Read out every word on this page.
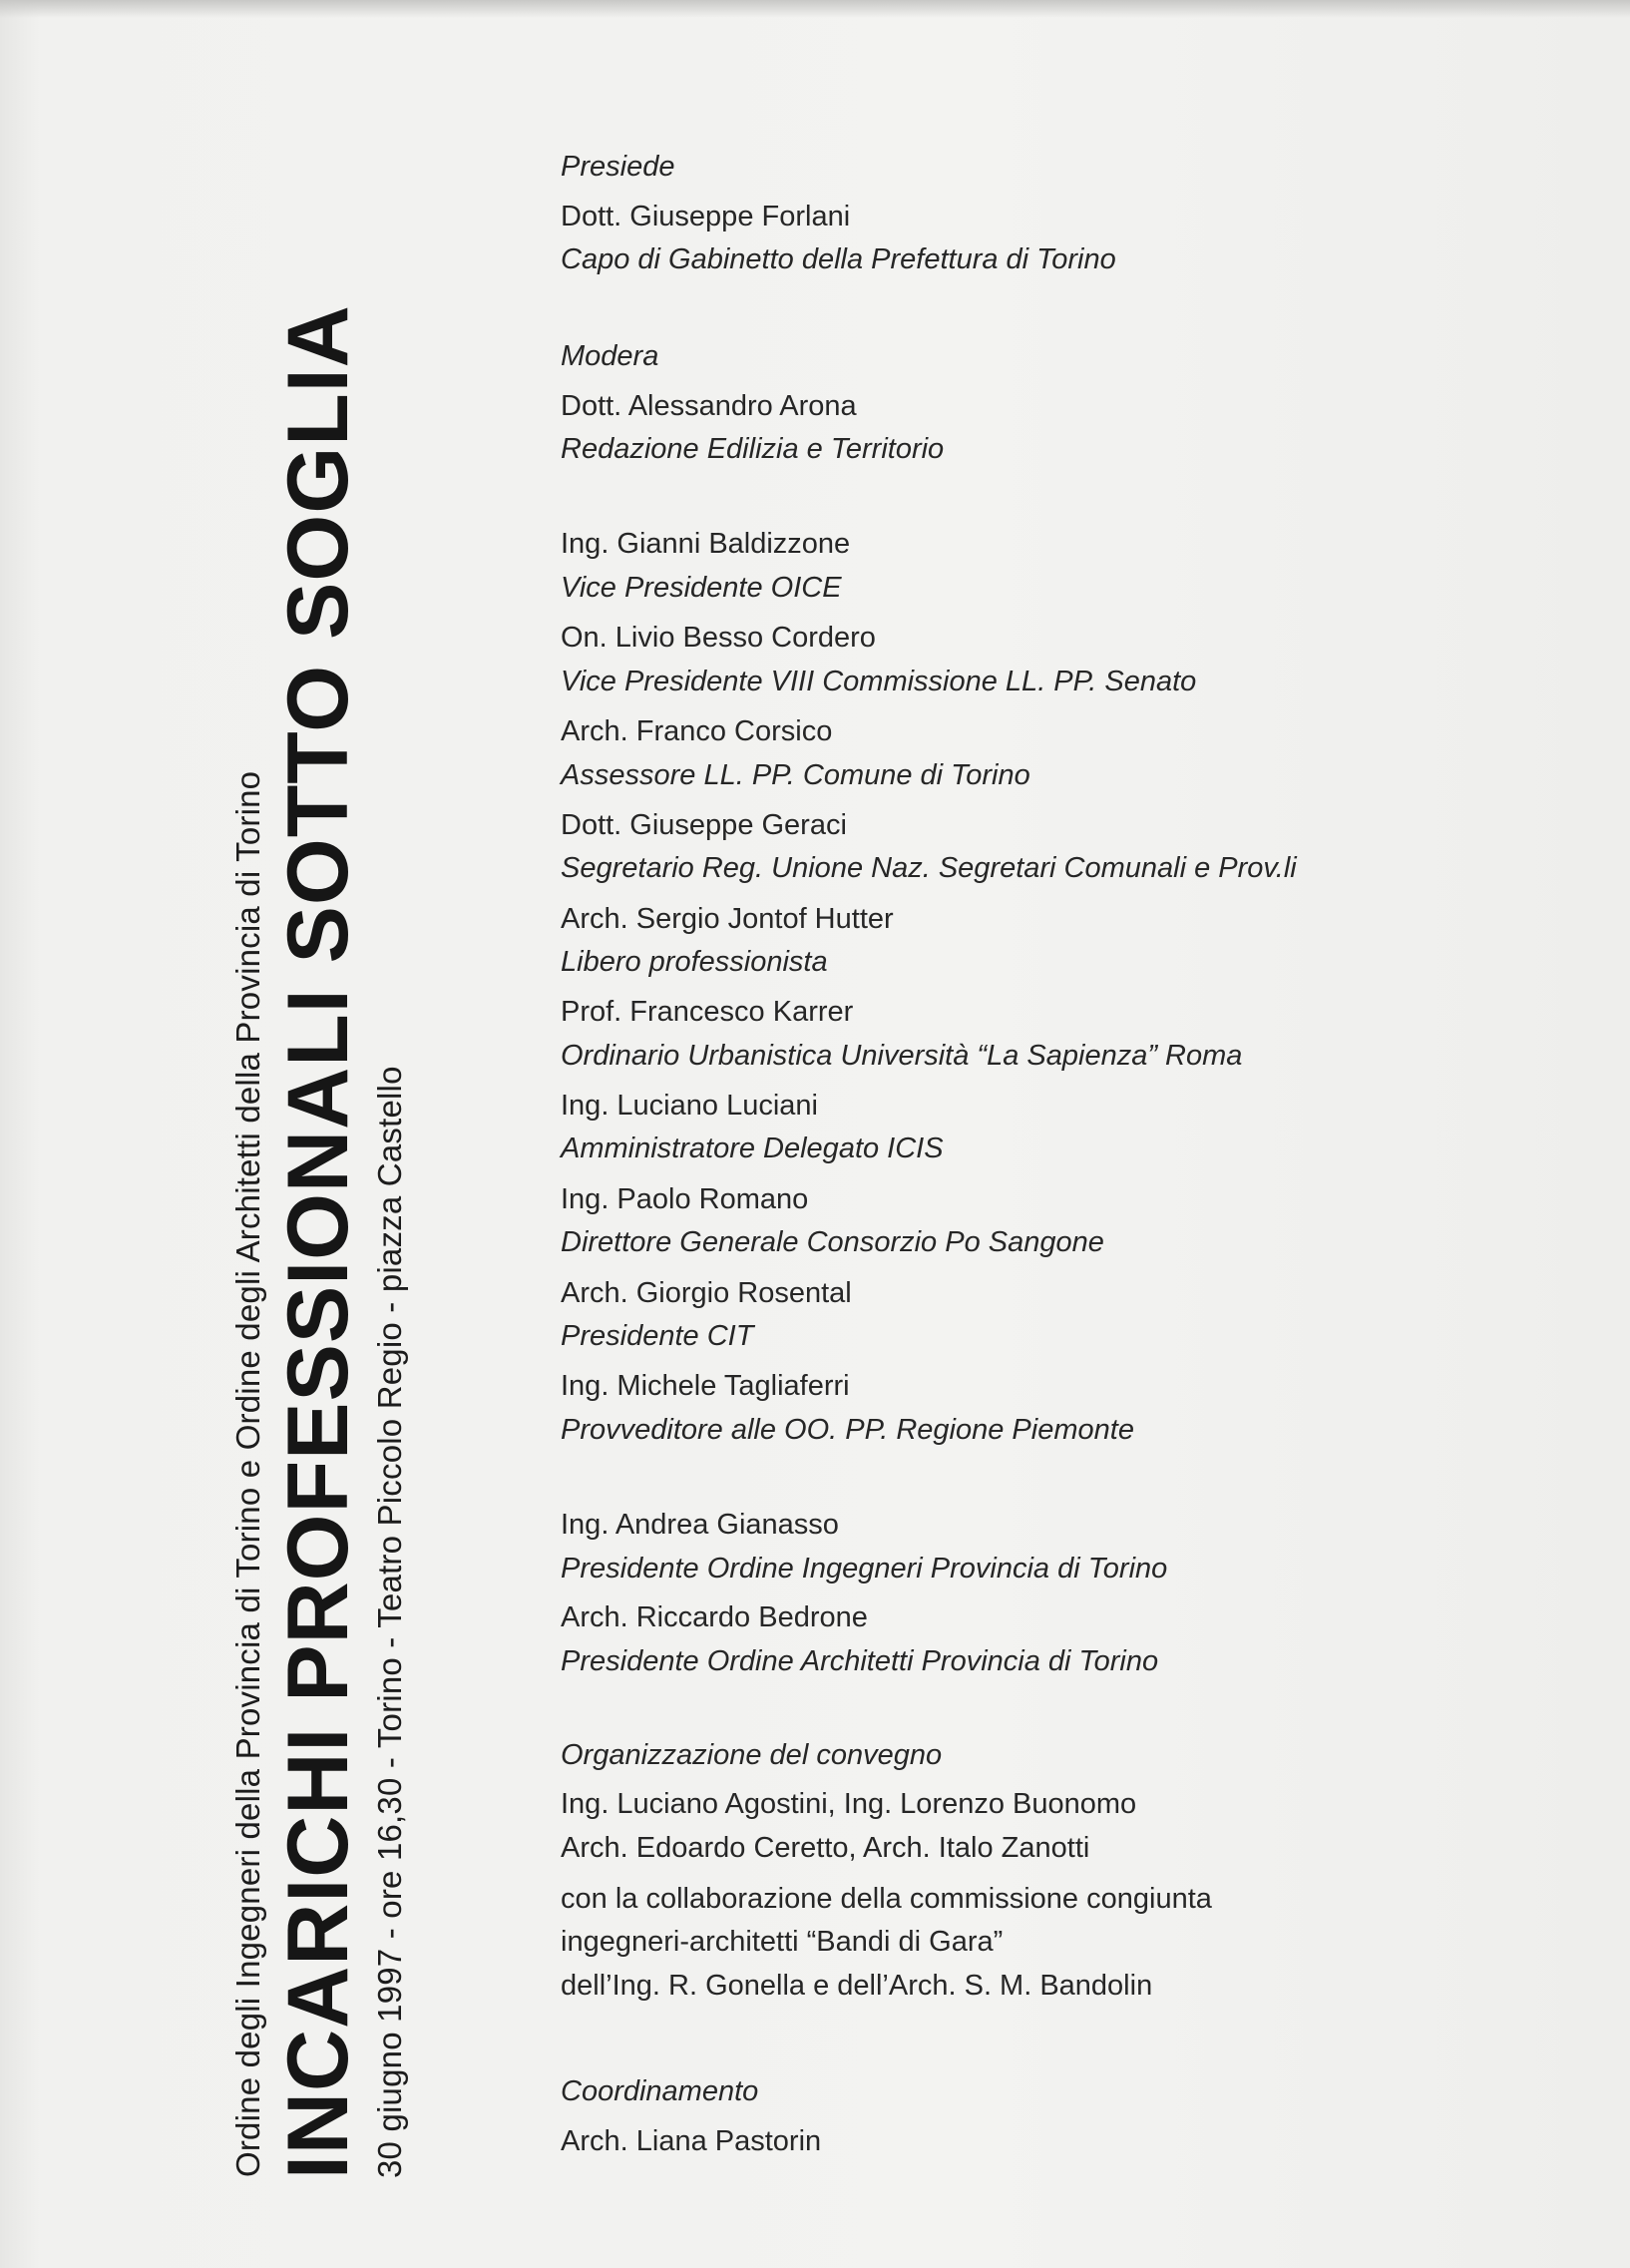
Ordine degli Ingegneri della Provincia di Torino e Ordine degli Architetti della Provincia di Torino INCARICHI PROFESSIONALI SOTTO SOGLIA 30 giugno 1997 - ore 16,30 - Torino - Teatro Piccolo Regio - piazza Castello
Presiede
Dott. Giuseppe Forlani
Capo di Gabinetto della Prefettura di Torino
Modera
Dott. Alessandro Arona
Redazione Edilizia e Territorio
Ing. Gianni Baldizzone
Vice Presidente OICE
On. Livio Besso Cordero
Vice Presidente VIII Commissione LL. PP. Senato
Arch. Franco Corsico
Assessore LL. PP. Comune di Torino
Dott. Giuseppe Geraci
Segretario Reg. Unione Naz. Segretari Comunali e Prov.li
Arch. Sergio Jontof Hutter
Libero professionista
Prof. Francesco Karrer
Ordinario Urbanistica Università “La Sapienza” Roma
Ing. Luciano Luciani
Amministratore Delegato ICIS
Ing. Paolo Romano
Direttore Generale Consorzio Po Sangone
Arch. Giorgio Rosental
Presidente CIT
Ing. Michele Tagliaferri
Provveditore alle OO. PP. Regione Piemonte
Ing. Andrea Gianasso
Presidente Ordine Ingegneri Provincia di Torino
Arch. Riccardo Bedrone
Presidente Ordine Architetti Provincia di Torino
Organizzazione del convegno
Ing. Luciano Agostini, Ing. Lorenzo Buonomo
Arch. Edoardo Ceretto, Arch. Italo Zanotti
con la collaborazione della commissione congiunta
ingegneri-architetti “Bandi di Gara”
dell’Ing. R. Gonella e dell’Arch. S. M. Bandolin
Coordinamento
Arch. Liana Pastorin
